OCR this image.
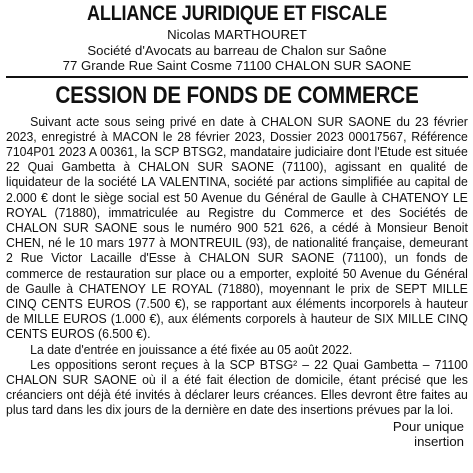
ALLIANCE JURIDIQUE ET FISCALE
Nicolas MARTHOURET
Société d'Avocats au barreau de Chalon sur Saône
77 Grande Rue Saint Cosme 71100 CHALON SUR SAONE
CESSION DE FONDS DE COMMERCE

Suivant acte sous seing privé en date à CHALON SUR SAONE du 23 février 2023, enregistré à MACON le 28 février 2023, Dossier 2023 00017567, Référence 7104P01 2023 A 00361, la SCP BTSG2, mandataire judiciaire dont l'Etude est située 22 Quai Gambetta à CHALON SUR SAONE (71100), agissant en qualité de liquidateur de la société LA VALENTINA, société par actions simplifiée au capital de 2.000 € dont le siège social est 50 Avenue du Général de Gaulle à CHATENOY LE ROYAL (71880), immatriculée au Registre du Commerce et des Sociétés de CHALON SUR SAONE sous le numéro 900 521 626, a cédé à Monsieur Benoit CHEN, né le 10 mars 1977 à MONTREUIL (93), de nationalité française, demeurant 2 Rue Victor Lacaille d'Esse à CHALON SUR SAONE (71100), un fonds de commerce de restauration sur place ou a emporter, exploité 50 Avenue du Général de Gaulle à CHATENOY LE ROYAL (71880), moyennant le prix de SEPT MILLE CINQ CENTS EUROS (7.500 €), se rapportant aux éléments incorporels à hauteur de MILLE EUROS (1.000 €), aux éléments corporels à hauteur de SIX MILLE CINQ CENTS EUROS (6.500 €).

La date d'entrée en jouissance a été fixée au 05 août 2022.

Les oppositions seront reçues à la SCP BTSG² – 22 Quai Gambetta – 71100 CHALON SUR SAONE où il a été fait élection de domicile, étant précisé que les créanciers ont déjà été invités à déclarer leurs créances. Elles devront être faites au plus tard dans les dix jours de la dernière en date des insertions prévues par la loi.

Pour unique
insertion
